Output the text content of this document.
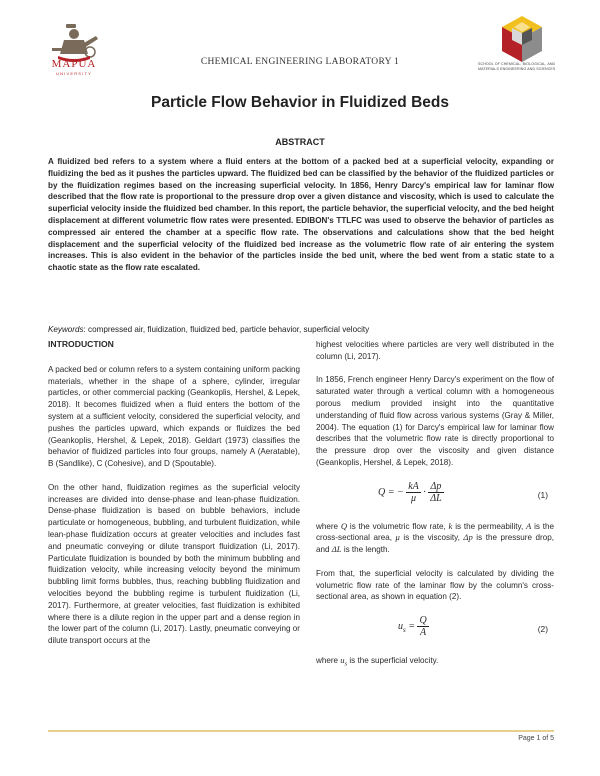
MAPÚA
UNIVERSITY
CHEMICAL ENGINEERING LABORATORY 1	SCHOOL OF CHEMICAL, BIOLOGICAL, AND MATERIALS ENGINEERING AND SCIENCES
Particle Flow Behavior in Fluidized Beds
ABSTRACT
A fluidized bed refers to a system where a fluid enters at the bottom of a packed bed at a superficial velocity, expanding or fluidizing the bed as it pushes the particles upward. The fluidized bed can be classified by the behavior of the fluidized particles or by the fluidization regimes based on the increasing superficial velocity. In 1856, Henry Darcy's empirical law for laminar flow described that the flow rate is proportional to the pressure drop over a given distance and viscosity, which is used to calculate the superficial velocity inside the fluidized bed chamber. In this report, the particle behavior, the superficial velocity, and the bed height displacement at different volumetric flow rates were presented. EDIBON's TTLFC was used to observe the behavior of particles as compressed air entered the chamber at a specific flow rate. The observations and calculations show that the bed height displacement and the superficial velocity of the fluidized bed increase as the volumetric flow rate of air entering the system increases. This is also evident in the behavior of the particles inside the bed unit, where the bed went from a static state to a chaotic state as the flow rate escalated.
Keywords: compressed air, fluidization, fluidized bed, particle behavior, superficial velocity
INTRODUCTION

A packed bed or column refers to a system containing uniform packing materials, whether in the shape of a sphere, cylinder, irregular particles, or other commercial packing (Geankoplis, Hershel, & Lepek, 2018). It becomes fluidized when a fluid enters the bottom of the system at a sufficient velocity, considered the superficial velocity, and pushes the particles upward, which expands or fluidizes the bed (Geankoplis, Hershel, & Lepek, 2018). Geldart (1973) classifies the behavior of fluidized particles into four groups, namely A (Aeratable), B (Sandlike), C (Cohesive), and D (Spoutable).

On the other hand, fluidization regimes as the superficial velocity increases are divided into dense-phase and lean-phase fluidization. Dense-phase fluidization is based on bubble behaviors, include particulate or homogeneous, bubbling, and turbulent fluidization, while lean-phase fluidization occurs at greater velocities and includes fast and pneumatic conveying or dilute transport fluidization (Li, 2017). Particulate fluidization is bounded by both the minimum bubbling and fluidization velocity, while increasing velocity beyond the minimum bubbling limit forms bubbles, thus, reaching bubbling fluidization and velocities beyond the bubbling regime is turbulent fluidization (Li, 2017). Furthermore, at greater velocities, fast fluidization is exhibited where there is a dilute region in the upper part and a dense region in the lower part of the column (Li, 2017). Lastly, pneumatic conveying or dilute transport occurs at the

highest velocities where particles are very well distributed in the column (Li, 2017).

In 1856, French engineer Henry Darcy's experiment on the flow of saturated water through a vertical column with a homogeneous porous medium provided insight into the quantitative understanding of fluid flow across various systems (Gray & Miller, 2004). The equation (1) for Darcy's empirical law for laminar flow describes that the volumetric flow rate is directly proportional to the pressure drop over the viscosity and given distance (Geankoplis, Hershel, & Lepek, 2018).

Q = − $\frac{kA}{\mu} \cdot \frac{\Delta p}{\Delta L}$	(1)

where Q is the volumetric flow rate, k is the permeability, A is the cross-sectional area, μ is the viscosity, Δp is the pressure drop, and ΔL is the length.

From that, the superficial velocity is calculated by dividing the volumetric flow rate of the laminar flow by the column's cross-sectional area, as shown in equation (2).

$u_s = \frac{Q}{A}$	(2)

where $u_s$ is the superficial velocity.

Page 1 of 5
